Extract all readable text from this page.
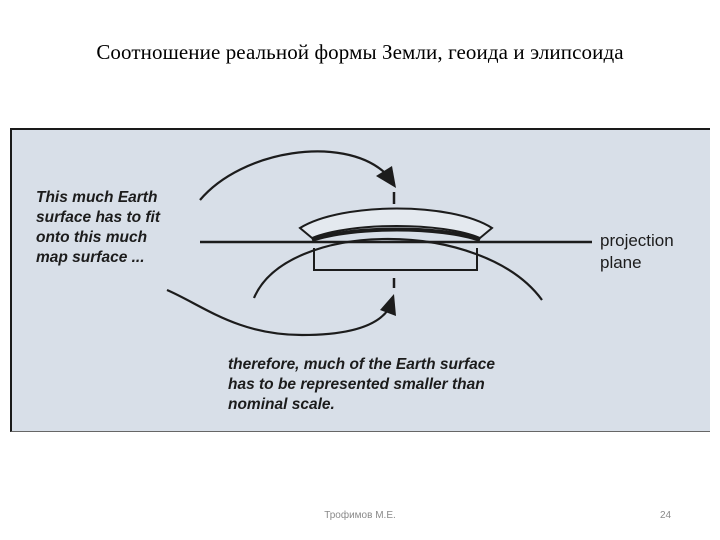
Соотношение реальной формы Земли, геоида и элипсоида
This much Earth
surface has to fit
onto this much
map surface ...
projection
plane
therefore, much of the Earth surface
has to be represented smaller than
nominal scale.
Трофимов М.Е.	24
